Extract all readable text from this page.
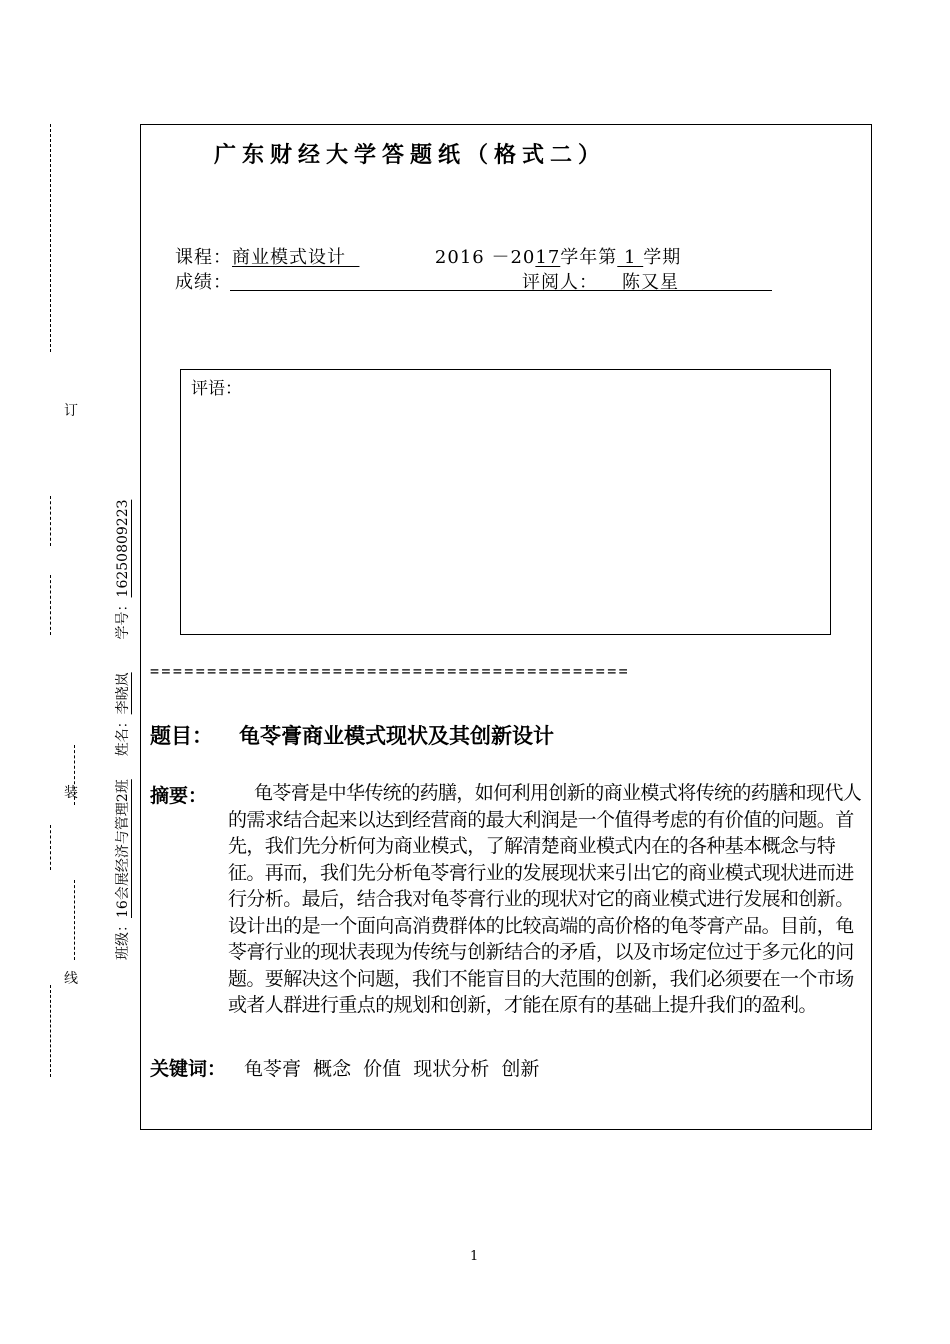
订
装
线
班级：16会展经济与管理2班  姓名：李晓岚  学号：1625080922З
广东财经大学答题纸（格式二）
课程：商业模式设计	2016 －2017学年第 1 学期
成绩：	评阅人： 陈又星
评语：
==========================================
题目： 龟苓膏商业模式现状及其创新设计
摘要：	龟苓膏是中华传统的药膳，如何利用创新的商业模式将传统的药膳和现代人的需求结合起来以达到经营商的最大利润是一个值得考虑的有价值的问题。首先，我们先分析何为商业模式，了解清楚商业模式内在的各种基本概念与特征。再而，我们先分析龟苓膏行业的发展现状来引出它的商业模式现状进而进行分析。最后，结合我对龟苓膏行业的现状对它的商业模式进行发展和创新。设计出的是一个面向高消费群体的比较高端的高价格的龟苓膏产品。目前，龟苓膏行业的现状表现为传统与创新结合的矛盾，以及市场定位过于多元化的问题。要解决这个问题，我们不能盲目的大范围的创新，我们必须要在一个市场或者人群进行重点的规划和创新，才能在原有的基础上提升我们的盈利。
关键词： 龟苓膏  概念  价值  现状分析  创新
1
